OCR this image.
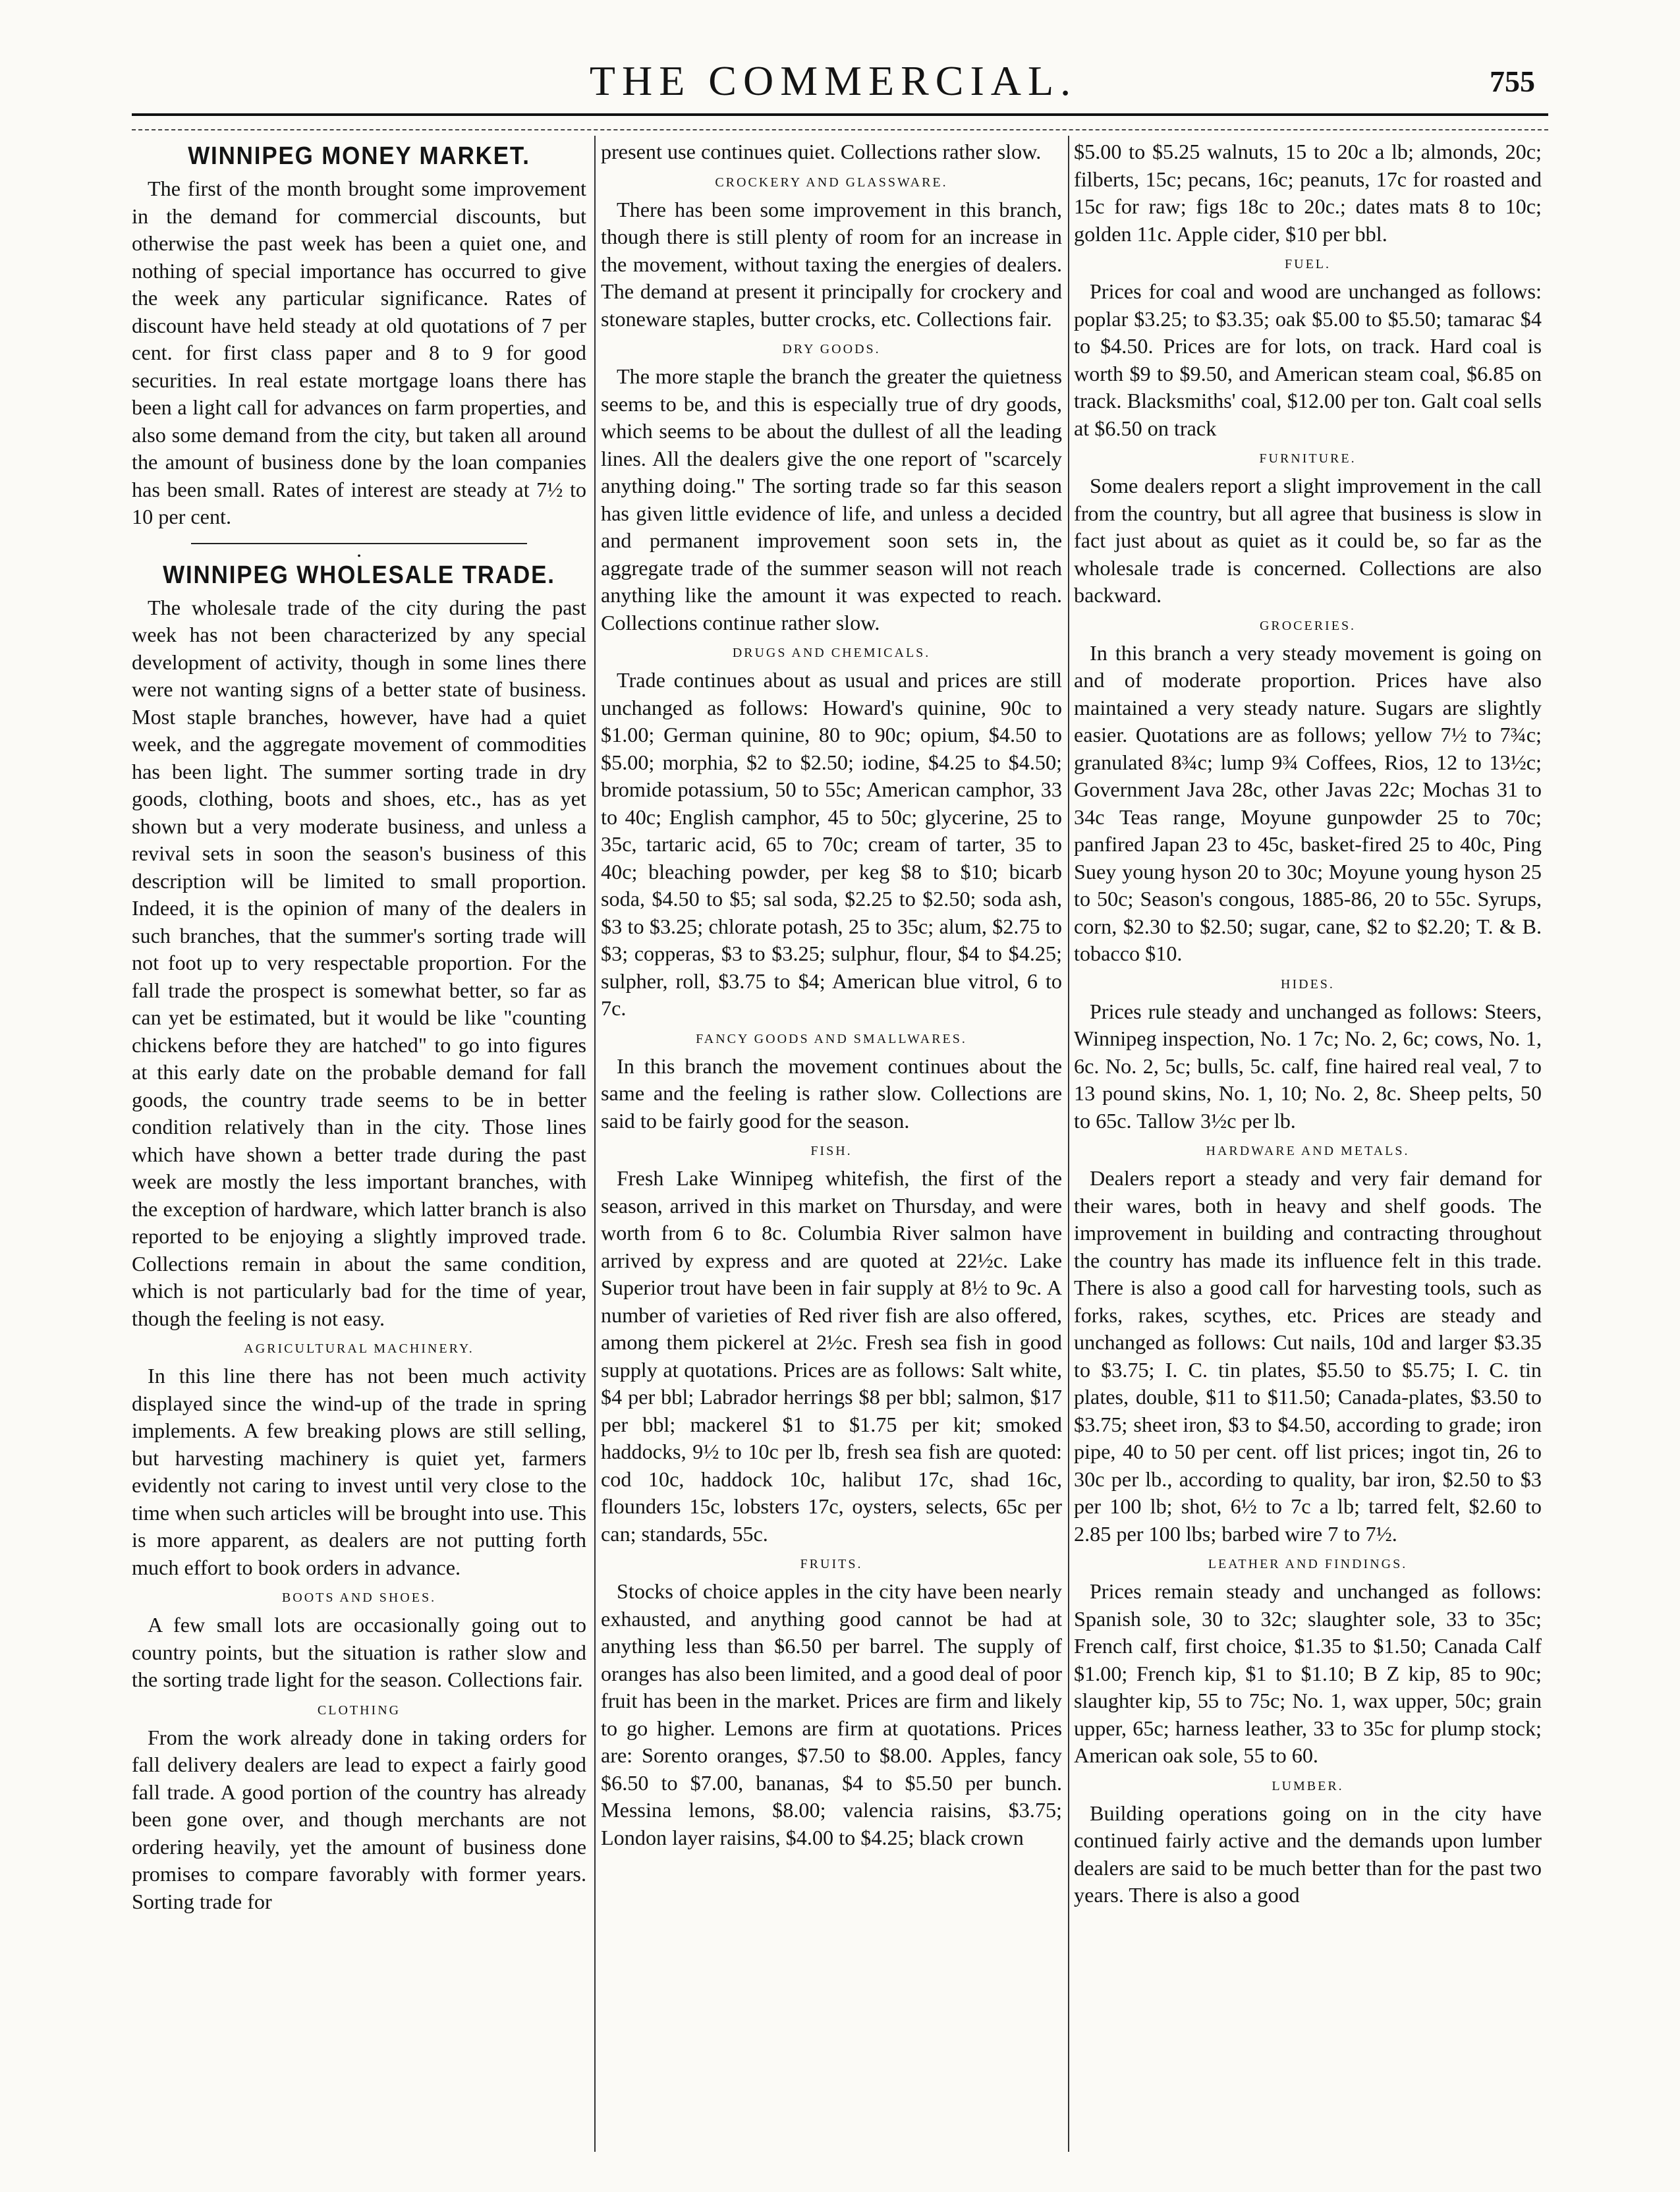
THE COMMERCIAL.	755
WINNIPEG MONEY MARKET.

The first of the month brought some improvement in the demand for commercial discounts, but otherwise the past week has been a quiet one, and nothing of special importance has occurred to give the week any particular significance. Rates of discount have held steady at old quotations of 7 per cent. for first class paper and 8 to 9 for good securities. In real estate mortgage loans there has been a light call for advances on farm properties, and also some demand from the city, but taken all around the amount of business done by the loan companies has been small. Rates of interest are steady at 7½ to 10 per cent.

•
WINNIPEG WHOLESALE TRADE.

The wholesale trade of the city during the past week has not been characterized by any special development of activity, though in some lines there were not wanting signs of a better state of business. Most staple branches, however, have had a quiet week, and the aggregate movement of commodities has been light. The summer sorting trade in dry goods, clothing, boots and shoes, etc., has as yet shown but a very moderate business, and unless a revival sets in soon the season's business of this description will be limited to small proportion. Indeed, it is the opinion of many of the dealers in such branches, that the summer's sorting trade will not foot up to very respectable proportion. For the fall trade the prospect is somewhat better, so far as can yet be estimated, but it would be like "counting chickens before they are hatched" to go into figures at this early date on the probable demand for fall goods, the country trade seems to be in better condition relatively than in the city. Those lines which have shown a better trade during the past week are mostly the less important branches, with the exception of hardware, which latter branch is also reported to be enjoying a slightly improved trade. Collections remain in about the same condition, which is not particularly bad for the time of year, though the feeling is not easy.

AGRICULTURAL MACHINERY.

In this line there has not been much activity displayed since the wind-up of the trade in spring implements. A few breaking plows are still selling, but harvesting machinery is quiet yet, farmers evidently not caring to invest until very close to the time when such articles will be brought into use. This is more apparent, as dealers are not putting forth much effort to book orders in advance.

BOOTS AND SHOES.

A few small lots are occasionally going out to country points, but the situation is rather slow and the sorting trade light for the season. Collections fair.

CLOTHING

From the work already done in taking orders for fall delivery dealers are lead to expect a fairly good fall trade. A good portion of the country has already been gone over, and though merchants are not ordering heavily, yet the amount of business done promises to compare favorably with former years. Sorting trade for

present use continues quiet. Collections rather slow.

CROCKERY AND GLASSWARE.

There has been some improvement in this branch, though there is still plenty of room for an increase in the movement, without taxing the energies of dealers. The demand at present it principally for crockery and stoneware staples, butter crocks, etc. Collections fair.

DRY GOODS.

The more staple the branch the greater the quietness seems to be, and this is especially true of dry goods, which seems to be about the dullest of all the leading lines. All the dealers give the one report of "scarcely anything doing." The sorting trade so far this season has given little evidence of life, and unless a decided and permanent improvement soon sets in, the aggregate trade of the summer season will not reach anything like the amount it was expected to reach. Collections continue rather slow.

DRUGS AND CHEMICALS.

Trade continues about as usual and prices are still unchanged as follows: Howard's quinine, 90c to $1.00; German quinine, 80 to 90c; opium, $4.50 to $5.00; morphia, $2 to $2.50; iodine, $4.25 to $4.50; bromide potassium, 50 to 55c; American camphor, 33 to 40c; English camphor, 45 to 50c; glycerine, 25 to 35c, tartaric acid, 65 to 70c; cream of tarter, 35 to 40c; bleaching powder, per keg $8 to $10; bicarb soda, $4.50 to $5; sal soda, $2.25 to $2.50; soda ash, $3 to $3.25; chlorate potash, 25 to 35c; alum, $2.75 to $3; copperas, $3 to $3.25; sulphur, flour, $4 to $4.25; sulpher, roll, $3.75 to $4; American blue vitrol, 6 to 7c.

FANCY GOODS AND SMALLWARES.

In this branch the movement continues about the same and the feeling is rather slow. Collections are said to be fairly good for the season.

FISH.

Fresh Lake Winnipeg whitefish, the first of the season, arrived in this market on Thursday, and were worth from 6 to 8c. Columbia River salmon have arrived by express and are quoted at 22½c. Lake Superior trout have been in fair supply at 8½ to 9c. A number of varieties of Red river fish are also offered, among them pickerel at 2½c. Fresh sea fish in good supply at quotations. Prices are as follows: Salt white, $4 per bbl; Labrador herrings $8 per bbl; salmon, $17 per bbl; mackerel $1 to $1.75 per kit; smoked haddocks, 9½ to 10c per lb, fresh sea fish are quoted: cod 10c, haddock 10c, halibut 17c, shad 16c, flounders 15c, lobsters 17c, oysters, selects, 65c per can; standards, 55c.

FRUITS.

Stocks of choice apples in the city have been nearly exhausted, and anything good cannot be had at anything less than $6.50 per barrel. The supply of oranges has also been limited, and a good deal of poor fruit has been in the market. Prices are firm and likely to go higher. Lemons are firm at quotations. Prices are: Sorento oranges, $7.50 to $8.00. Apples, fancy $6.50 to $7.00, bananas, $4 to $5.50 per bunch. Messina lemons, $8.00; valencia raisins, $3.75; London layer raisins, $4.00 to $4.25; black crown

$5.00 to $5.25 walnuts, 15 to 20c a lb; almonds, 20c; filberts, 15c; pecans, 16c; peanuts, 17c for roasted and 15c for raw; figs 18c to 20c.; dates mats 8 to 10c; golden 11c. Apple cider, $10 per bbl.

FUEL.

Prices for coal and wood are unchanged as follows: poplar $3.25; to $3.35; oak $5.00 to $5.50; tamarac $4 to $4.50. Prices are for lots, on track. Hard coal is worth $9 to $9.50, and American steam coal, $6.85 on track. Blacksmiths' coal, $12.00 per ton. Galt coal sells at $6.50 on track

FURNITURE.

Some dealers report a slight improvement in the call from the country, but all agree that business is slow in fact just about as quiet as it could be, so far as the wholesale trade is concerned. Collections are also backward.

GROCERIES.

In this branch a very steady movement is going on and of moderate proportion. Prices have also maintained a very steady nature. Sugars are slightly easier. Quotations are as follows; yellow 7½ to 7¾c; granulated 8¾c; lump 9¾ Coffees, Rios, 12 to 13½c; Government Java 28c, other Javas 22c; Mochas 31 to 34c Teas range, Moyune gunpowder 25 to 70c; panfired Japan 23 to 45c, basket-fired 25 to 40c, Ping Suey young hyson 20 to 30c; Moyune young hyson 25 to 50c; Season's congous, 1885-86, 20 to 55c. Syrups, corn, $2.30 to $2.50; sugar, cane, $2 to $2.20; T. & B. tobacco $10.

HIDES.

Prices rule steady and unchanged as follows: Steers, Winnipeg inspection, No. 1 7c; No. 2, 6c; cows, No. 1, 6c. No. 2, 5c; bulls, 5c. calf, fine haired real veal, 7 to 13 pound skins, No. 1, 10; No. 2, 8c. Sheep pelts, 50 to 65c. Tallow 3½c per lb.

HARDWARE AND METALS.

Dealers report a steady and very fair demand for their wares, both in heavy and shelf goods. The improvement in building and contracting throughout the country has made its influence felt in this trade. There is also a good call for harvesting tools, such as forks, rakes, scythes, etc. Prices are steady and unchanged as follows: Cut nails, 10d and larger $3.35 to $3.75; I. C. tin plates, $5.50 to $5.75; I. C. tin plates, double, $11 to $11.50; Canada-plates, $3.50 to $3.75; sheet iron, $3 to $4.50, according to grade; iron pipe, 40 to 50 per cent. off list prices; ingot tin, 26 to 30c per lb., according to quality, bar iron, $2.50 to $3 per 100 lb; shot, 6½ to 7c a lb; tarred felt, $2.60 to 2.85 per 100 lbs; barbed wire 7 to 7½.

LEATHER AND FINDINGS.

Prices remain steady and unchanged as follows: Spanish sole, 30 to 32c; slaughter sole, 33 to 35c; French calf, first choice, $1.35 to $1.50; Canada Calf $1.00; French kip, $1 to $1.10; B Z kip, 85 to 90c; slaughter kip, 55 to 75c; No. 1, wax upper, 50c; grain upper, 65c; harness leather, 33 to 35c for plump stock; American oak sole, 55 to 60.

LUMBER.

Building operations going on in the city have continued fairly active and the demands upon lumber dealers are said to be much better than for the past two years. There is also a good
